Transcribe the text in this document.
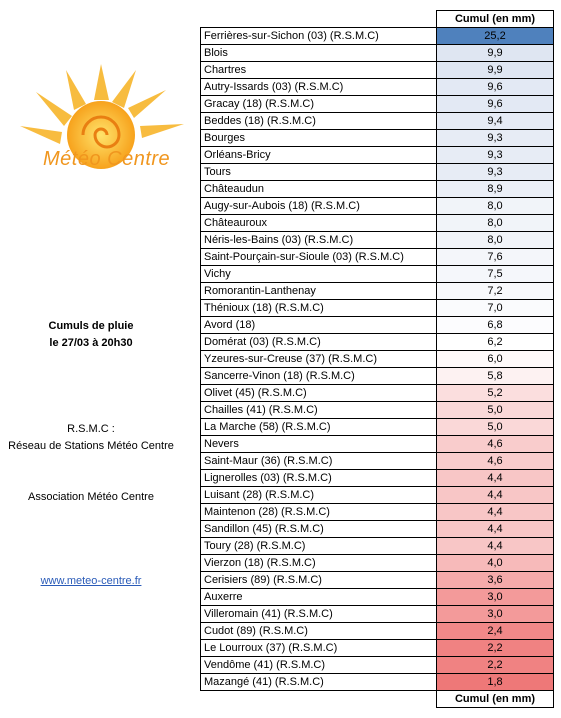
Météo Centre
Cumuls de pluie
le 27/03 à 20h30
R.S.M.C :
Réseau de Stations Météo Centre
Association Météo Centre
www.meteo-centre.fr
	Cumul (en mm)
Ferrières-sur-Sichon (03) (R.S.M.C)	25,2
Blois	9,9
Chartres	9,9
Autry-Issards (03) (R.S.M.C)	9,6
Gracay (18) (R.S.M.C)	9,6
Beddes (18) (R.S.M.C)	9,4
Bourges	9,3
Orléans-Bricy	9,3
Tours	9,3
Châteaudun	8,9
Augy-sur-Aubois (18) (R.S.M.C)	8,0
Châteauroux	8,0
Néris-les-Bains (03) (R.S.M.C)	8,0
Saint-Pourçain-sur-Sioule (03) (R.S.M.C)	7,6
Vichy	7,5
Romorantin-Lanthenay	7,2
Thénioux (18) (R.S.M.C)	7,0
Avord (18)	6,8
Domérat (03) (R.S.M.C)	6,2
Yzeures-sur-Creuse (37) (R.S.M.C)	6,0
Sancerre-Vinon (18) (R.S.M.C)	5,8
Olivet (45) (R.S.M.C)	5,2
Chailles (41) (R.S.M.C)	5,0
La Marche (58) (R.S.M.C)	5,0
Nevers	4,6
Saint-Maur (36) (R.S.M.C)	4,6
Lignerolles (03) (R.S.M.C)	4,4
Luisant (28) (R.S.M.C)	4,4
Maintenon (28) (R.S.M.C)	4,4
Sandillon (45) (R.S.M.C)	4,4
Toury (28) (R.S.M.C)	4,4
Vierzon (18) (R.S.M.C)	4,0
Cerisiers (89) (R.S.M.C)	3,6
Auxerre	3,0
Villeromain (41) (R.S.M.C)	3,0
Cudot (89) (R.S.M.C)	2,4
Le Lourroux (37) (R.S.M.C)	2,2
Vendôme (41) (R.S.M.C)	2,2
Mazangé (41) (R.S.M.C)	1,8
	Cumul (en mm)
